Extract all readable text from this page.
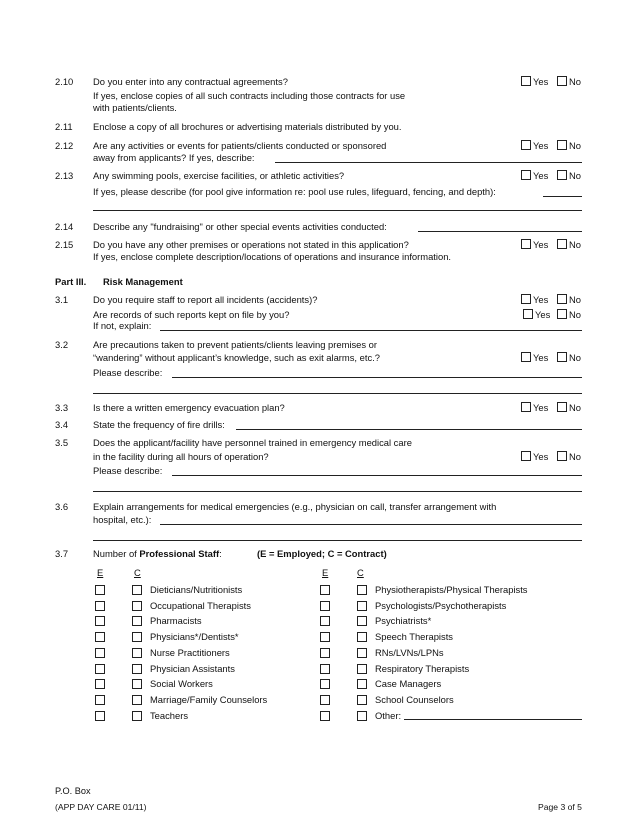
2.10 Do you enter into any contractual agreements?
If yes, enclose copies of all such contracts including those contracts for use
with patients/clients.
Yes No
2.11 Enclose a copy of all brochures or advertising materials distributed by you.
2.12 Are any activities or events for patients/clients conducted or sponsored
away from applicants? If yes, describe:
Yes No
2.13 Any swimming pools, exercise facilities, or athletic activities?
If yes, please describe (for pool give information re: pool use rules, lifeguard, fencing, and depth):
Yes No
2.14 Describe any "fundraising" or other special events activities conducted:
2.15 Do you have any other premises or operations not stated in this application?
If yes, enclose complete description/locations of operations and insurance information.
Yes No
Part III. Risk Management
3.1	Do you require staff to report all incidents (accidents)?
Are records of such reports kept on file by you?
If not, explain:
Yes No
Yes No
3.2	Are precautions taken to prevent patients/clients leaving premises or
“wandering” without applicant’s knowledge, such as exit alarms, etc.?
Please describe:
Yes No
3.3	Is there a written emergency evacuation plan?	Yes No
3.4	State the frequency of fire drills:
3.5	Does the applicant/facility have personnel trained in emergency medical care
in the facility during all hours of operation?
Please describe:
Yes No
3.6	Explain arrangements for medical emergencies (e.g., physician on call, transfer arrangement with
hospital, etc.):
3.7	Number of Professional Staff:	(E = Employed; C = Contract)
E	C	E	C
Dieticians/Nutritionists
Occupational Therapists
Pharmacists
Physicians*/Dentists*
Nurse Practitioners
Physician Assistants
Social Workers
Marriage/Family Counselors
Teachers
Physiotherapists/Physical Therapists
Psychologists/Psychotherapists
Psychiatrists*
Speech Therapists
RNs/LVNs/LPNs
Respiratory Therapists
Case Managers
School Counselors
Other:
P.O. Box
(APP DAY CARE 01/11)	Page 3 of 5
